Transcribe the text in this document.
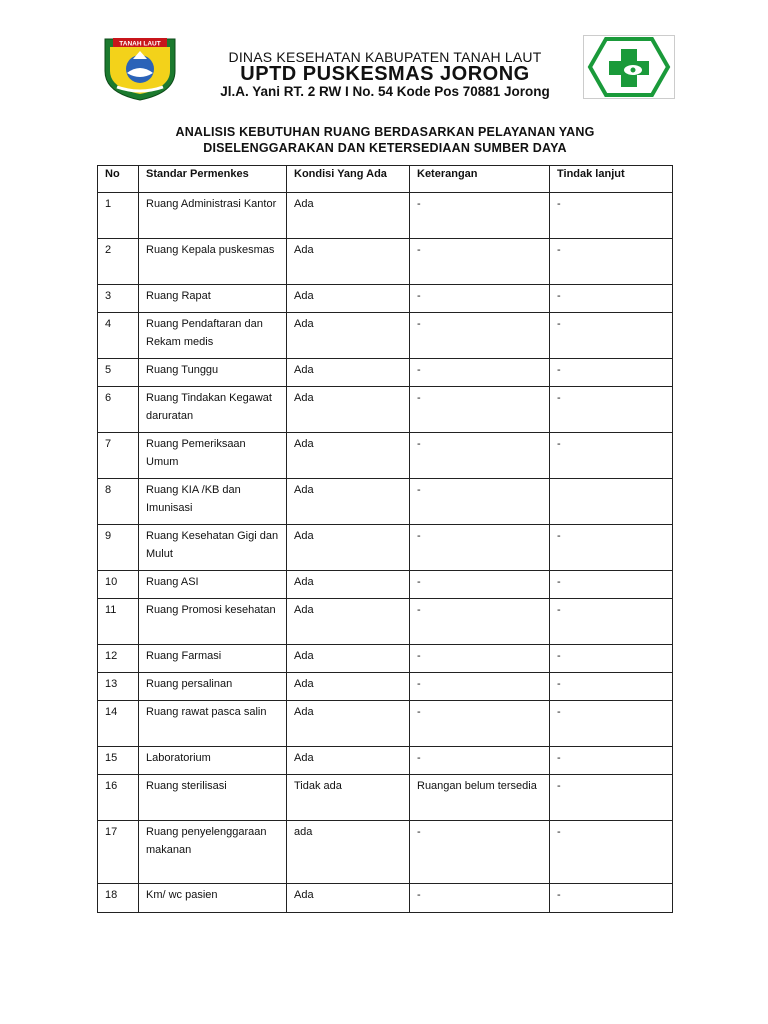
TANAH LAUT
DINAS KESEHATAN KABUPATEN TANAH LAUT
UPTD PUSKESMAS JORONG
Jl.A. Yani RT. 2 RW I No. 54 Kode Pos 70881 Jorong
ANALISIS KEBUTUHAN RUANG BERDASARKAN PELAYANAN YANG
DISELENGGARAKAN DAN KETERSEDIAAN SUMBER DAYA
No	Standar Permenkes	Kondisi Yang Ada	Keterangan	Tindak lanjut
1	Ruang Administrasi Kantor	Ada	-	-
2	Ruang Kepala puskesmas	Ada	-	-
3	Ruang Rapat	Ada	-	-
4	Ruang Pendaftaran dan Rekam medis	Ada	-	-
5	Ruang Tunggu	Ada	-	-
6	Ruang Tindakan Kegawat daruratan	Ada	-	-
7	Ruang Pemeriksaan Umum	Ada	-	-
8	Ruang KIA /KB dan Imunisasi	Ada	-	
9	Ruang Kesehatan Gigi dan Mulut	Ada	-	-
10	Ruang ASI	Ada	-	-
11	Ruang Promosi kesehatan	Ada	-	-
12	Ruang Farmasi	Ada	-	-
13	Ruang persalinan	Ada	-	-
14	Ruang rawat pasca salin	Ada	-	-
15	Laboratorium	Ada	-	-
16	Ruang sterilisasi	Tidak ada	Ruangan belum tersedia	-
17	Ruang penyelenggaraan makanan	ada	-	-
18	Km/ wc pasien	Ada	-	-
